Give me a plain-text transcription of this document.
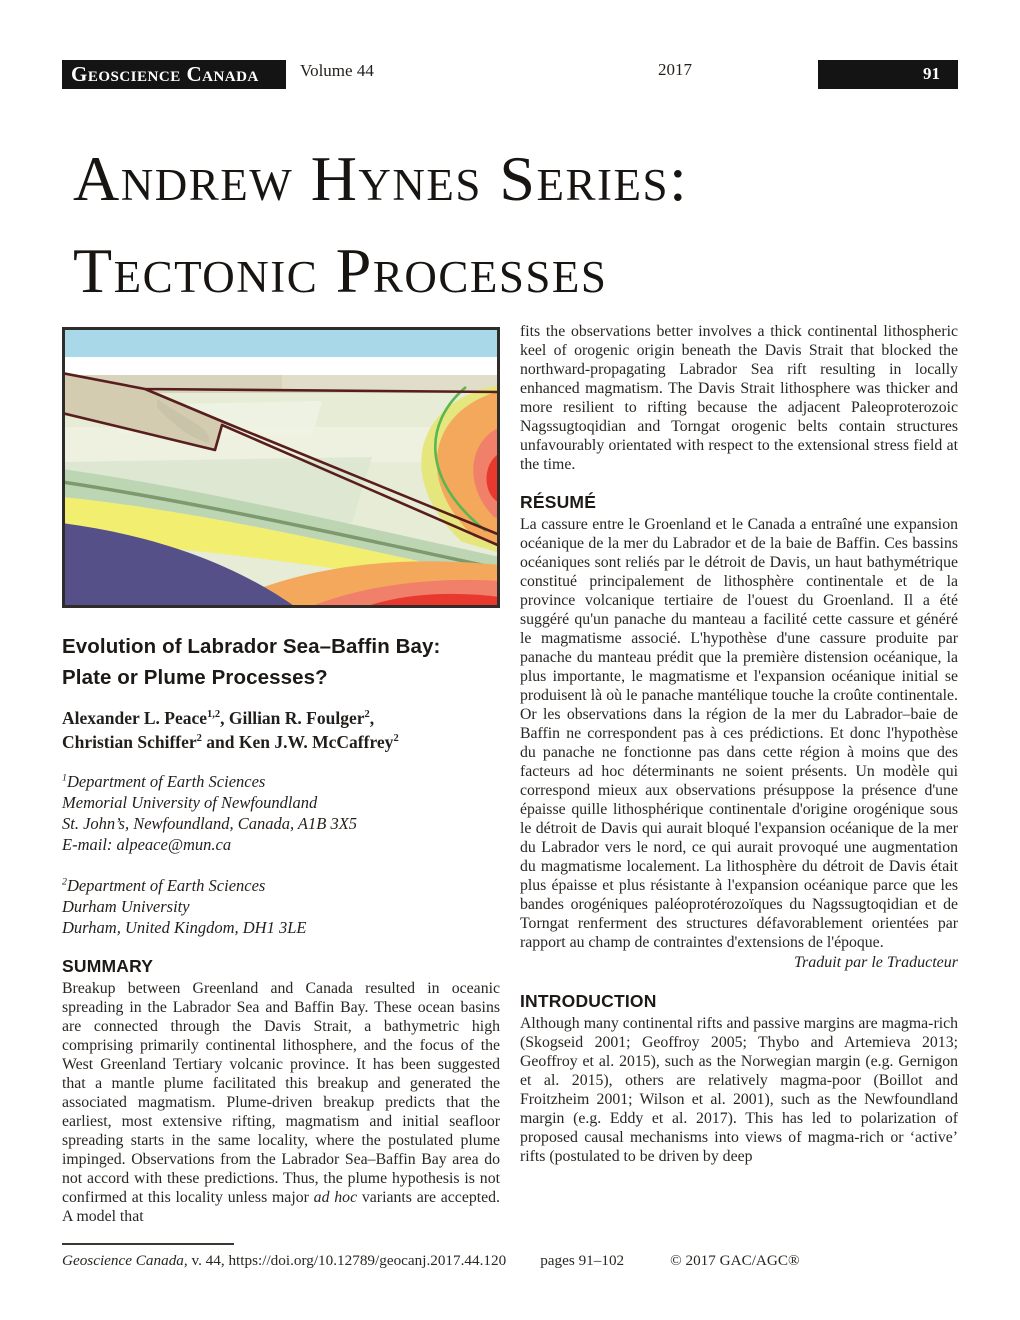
Geoscience Canada	Volume 44	2017	91
Andrew Hynes Series:
Tectonic Processes
Evolution of Labrador Sea–Baffin Bay:
Plate or Plume Processes?
Alexander L. Peace$^{1,2}$, Gillian R. Foulger$^2$,
Christian Schiffer$^2$ and Ken J.W. McCaffrey$^2$
$^1$Department of Earth Sciences
Memorial University of Newfoundland
St. John’s, Newfoundland, Canada, A1B 3X5
E-mail: alpeace@mun.ca
$^2$Department of Earth Sciences
Durham University
Durham, United Kingdom, DH1 3LE
SUMMARY
Breakup between Greenland and Canada resulted in oceanic spreading in the Labrador Sea and Baffin Bay. These ocean basins are connected through the Davis Strait, a bathymetric high comprising primarily continental lithosphere, and the focus of the West Greenland Tertiary volcanic province. It has been suggested that a mantle plume facilitated this breakup and generated the associated magmatism. Plume-driven breakup predicts that the earliest, most extensive rifting, magmatism and initial seafloor spreading starts in the same locality, where the postulated plume impinged. Observations from the Labrador Sea–Baffin Bay area do not accord with these predictions. Thus, the plume hypothesis is not confirmed at this locality unless major ad hoc variants are accepted. A model that
fits the observations better involves a thick continental lithospheric keel of orogenic origin beneath the Davis Strait that blocked the northward-propagating Labrador Sea rift resulting in locally enhanced magmatism. The Davis Strait lithosphere was thicker and more resilient to rifting because the adjacent Paleoproterozoic Nagssugtoqidian and Torngat orogenic belts contain structures unfavourably orientated with respect to the extensional stress field at the time.
RÉSUMÉ
La cassure entre le Groenland et le Canada a entraîné une expansion océanique de la mer du Labrador et de la baie de Baffin. Ces bassins océaniques sont reliés par le détroit de Davis, un haut bathymétrique constitué principalement de lithosphère continentale et de la province volcanique tertiaire de l'ouest du Groenland. Il a été suggéré qu'un panache du manteau a facilité cette cassure et généré le magmatisme associé. L'hypothèse d'une cassure produite par panache du manteau prédit que la première distension océanique, la plus importante, le magmatisme et l'expansion océanique initial se produisent là où le panache mantélique touche la croûte continentale. Or les observations dans la région de la mer du Labrador–baie de Baffin ne correspondent pas à ces prédictions. Et donc l'hypothèse du panache ne fonctionne pas dans cette région à moins que des facteurs ad hoc déterminants ne soient présents. Un modèle qui correspond mieux aux observations présuppose la présence d'une épaisse quille lithosphérique continentale d'origine orogénique sous le détroit de Davis qui aurait bloqué l'expansion océanique de la mer du Labrador vers le nord, ce qui aurait provoqué une augmentation du magmatisme localement. La lithosphère du détroit de Davis était plus épaisse et plus résistante à l'expansion océanique parce que les bandes orogéniques paléoprotérozoïques du Nagssugtoqidian et de Torngat renferment des structures défavorablement orientées par rapport au champ de contraintes d'extensions de l'époque.
Traduit par le Traducteur
INTRODUCTION
Although many continental rifts and passive margins are magma-rich (Skogseid 2001; Geoffroy 2005; Thybo and Artemieva 2013; Geoffroy et al. 2015), such as the Norwegian margin (e.g. Gernigon et al. 2015), others are relatively magma-poor (Boillot and Froitzheim 2001; Wilson et al. 2001), such as the Newfoundland margin (e.g. Eddy et al. 2017). This has led to polarization of proposed causal mechanisms into views of magma-rich or ‘active’ rifts (postulated to be driven by deep
Geoscience Canada, v. 44, https://doi.org/10.12789/geocanj.2017.44.120 pages 91–102	© 2017 GAC/AGC®
